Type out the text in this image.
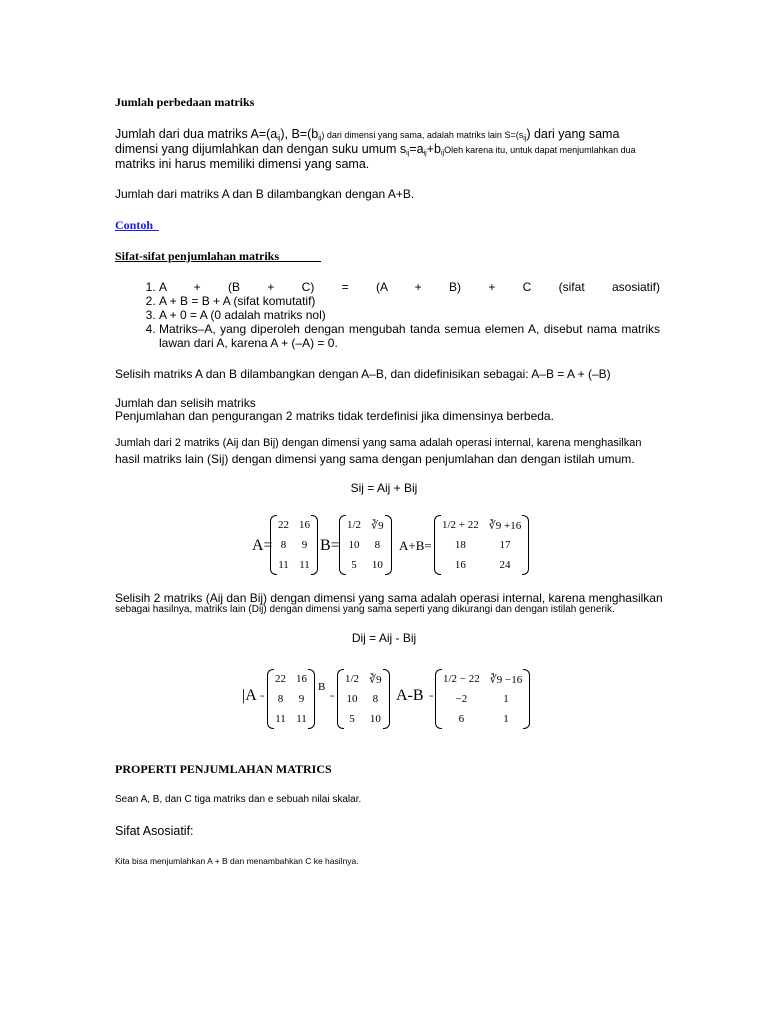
Jumlah perbedaan matriks
Jumlah dari dua matriks $A=(a_{ij})$, $B=(b_{ij})$ dari dimensi yang sama, adalah matriks lain $S=(s_{ij})$ dari yang sama
dimensi yang dijumlahkan dan dengan suku umum $s_{ij}=a_{ij}+b_{ij}Oleh$ karena itu, untuk dapat menjumlahkan dua
matriks ini harus memiliki dimensi yang sama.
Jumlah dari matriks A dan B dilambangkan dengan A+B.
Contoh
Sifat-sifat penjumlahan matriks
1. A + (B + C) = (A + B) + C (sifat asosiatif)
2. A + B = B + A (sifat komutatif)
3. A + 0 = A (0 adalah matriks nol)
4. Matriks–A, yang diperoleh dengan mengubah tanda semua elemen A, disebut nama matriks lawan dari A, karena A + (–A) = 0.
Selisih matriks A dan B dilambangkan dengan A–B, dan didefinisikan sebagai: A–B = A + (–B)
Jumlah dan selisih matriks
Penjumlahan dan pengurangan 2 matriks tidak terdefinisi jika dimensinya berbeda.
Jumlah dari 2 matriks (Aij dan Bij) dengan dimensi yang sama adalah operasi internal, karena menghasilkan
hasil matriks lain (Sij) dengan dimensi yang sama dengan penjumlahan dan dengan istilah umum.
Sij = Aij + Bij
A=
22	16
8	9
11	11
B=
1/2	∛9
10	8
5	10
A+B=
1/2 + 22	∛9 +16
18	17
16	24
Selisih 2 matriks (Aij dan Bij) dengan dimensi yang sama adalah operasi internal, karena menghasilkan
sebagai hasilnya, matriks lain (Dij) dengan dimensi yang sama seperti yang dikurangi dan dengan istilah generik.
Dij = Aij - Bij
|A =
22	16
8	9
11	11
B
=
1/2	∛9
10	8
5	10
A-B =
1/2 − 22	∛9 −16
−2	1
6	1
PROPERTI PENJUMLAHAN MATRICS
Sean A, B, dan C tiga matriks dan e sebuah nilai skalar.
Sifat Asosiatif:
Kita bisa menjumlahkan A + B dan menambahkan C ke hasilnya.
